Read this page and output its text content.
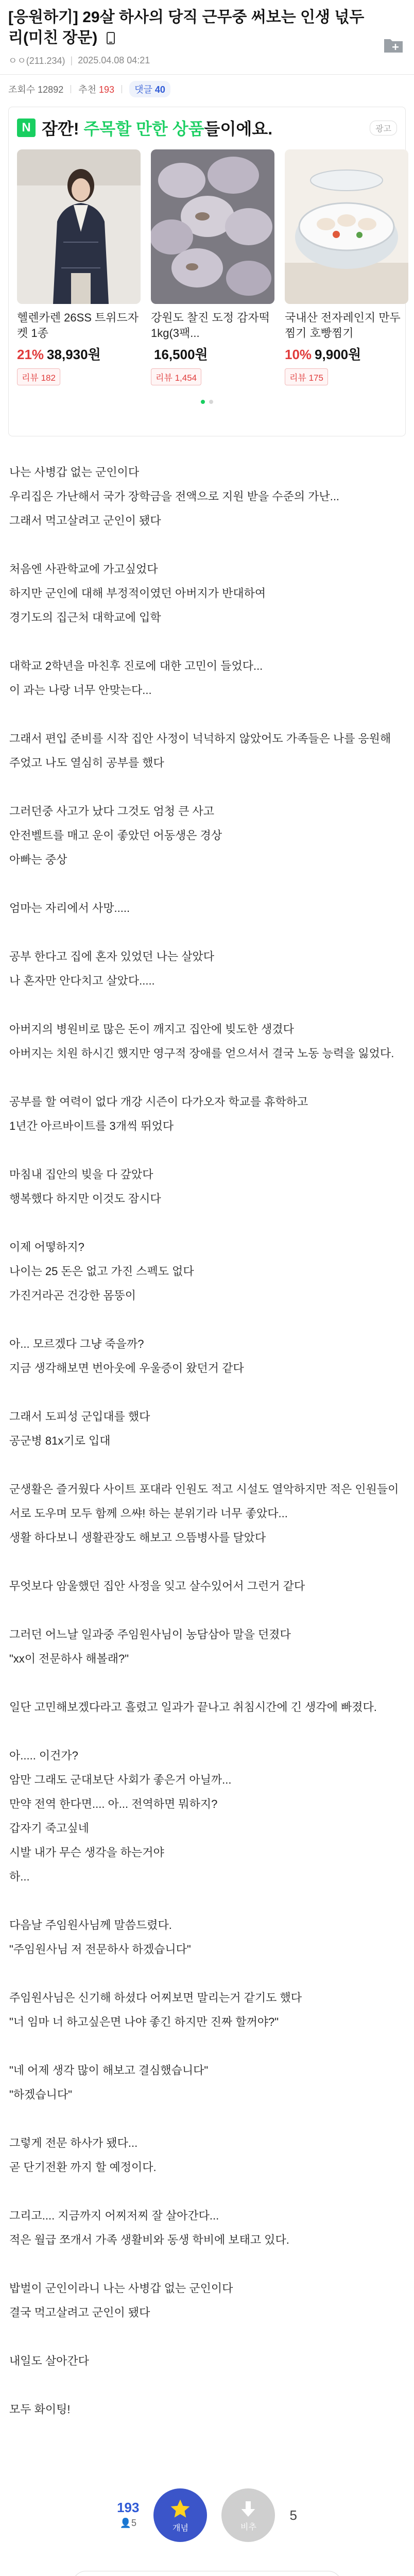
[응원하기] 29살 하사의 당직 근무중 써보는 인생 넋두리(미친 장문)
ㅇㅇ(211.234) | 2025.04.08 04:21
조회수 12892 추천 193	댓글 40
N 잠깐! 주목할 만한 상품들이에요.	광고
헬렌카렌 26SS 트위드자켓 1종
21% 38,930원
리뷰 182
강원도 찰진 도정 감자떡 1kg(3팩...
16,500원
리뷰 1,454
국내산 전자레인지 만두찜기 호빵찜기
10% 9,900원
리뷰 175

나는 사병갑 없는 군인이다
우리집은 가난해서 국가 장학금을 전액으로 지원 받을 수준의 가난...
그래서 먹고살려고 군인이 됐다

처음엔 사관학교에 가고싶었다
하지만 군인에 대해 부정적이였던 아버지가 반대하여
경기도의 집근처 대학교에 입학

대학교 2학년을 마친후 진로에 대한 고민이 들었다...
이 과는 나랑 너무 안맞는다...

그래서 편입 준비를 시작 집안 사정이 넉넉하지 않았어도 가족들은 나를 응원해 주었고 나도 열심히 공부를 했다

그러던중 사고가 났다 그것도 엄청 큰 사고
안전벨트를 매고 운이 좋았던 어동생은 경상
아빠는 중상

엄마는 자리에서 사망.....

공부 한다고 집에 혼자 있었던 나는 살았다
나 혼자만 안다치고 살았다.....

아버지의 병원비로 많은 돈이 깨지고 집안에 빚도한 생겼다
아버지는 치원 하시긴 했지만 영구적 장애를 얻으셔서 결국 노동 능력을 잃었다.

공부를 할 여력이 없다 개강 시즌이 다가오자 학교를 휴학하고
1년간 아르바이트를 3개씩 뛰었다

마침내 집안의 빚을 다 갚았다
행복했다 하지만 이것도 잠시다

이제 어떻하지?
나이는 25 돈은 없고 가진 스펙도 없다
가진거라곤 건강한 몸뚱이

아... 모르겠다 그냥 죽을까?
지금 생각해보면 번아웃에 우울증이 왔던거 같다

그래서 도피성 군입대를 했다
공군병 81x기로 입대

군생활은 즐거웠다 사이트 포대라 인원도 적고 시설도 열악하지만 적은 인원들이 서로 도우며 모두 함께 으쌰! 하는 분위기라 너무 좋았다...
생활 하다보니 생활관장도 해보고 으뜸병사를 달았다

무엇보다 암울했던 집안 사정을 잊고 살수있어서 그런거 같다

그러던 어느날 일과중 주임원사님이 농담삼아 말을 던졌다
"xx이 전문하사 해볼래?"

일단 고민해보겠다라고 흘렸고 일과가 끝나고 취침시간에 긴 생각에 빠졌다.

아..... 이건가?
암만 그래도 군대보단 사회가 좋은거 아닐까...
만약 전역 한다면.... 아... 전역하면 뭐하지?
갑자기 죽고싶네
시발 내가 무슨 생각을 하는거야
하...

다음날 주임원사님께 말씀드렸다.
"주임원사님 저 전문하사 하겠습니다"

주임원사님은 신기해 하셨다 어찌보면 말리는거 같기도 했다
"너 임마 너 하고싶은면 나야 좋긴 하지만 진짜 할꺼야?"

"네 어제 생각 많이 해보고 결심했습니다"
"하겠습니다"

그렇게 전문 하사가 됐다...
곧 단기전환 까지 할 예정이다.

그리고.... 지금까지 어찌저찌 잘 살아간다...
적은 월급 쪼개서 가족 생활비와 동생 학비에 보태고 있다.

밥벌이 군인이라니 나는 사병갑 없는 군인이다
결국 먹고살려고 군인이 됐다

내일도 살아간다

모두 화이팅!

193
👤5	개념	비추
5
